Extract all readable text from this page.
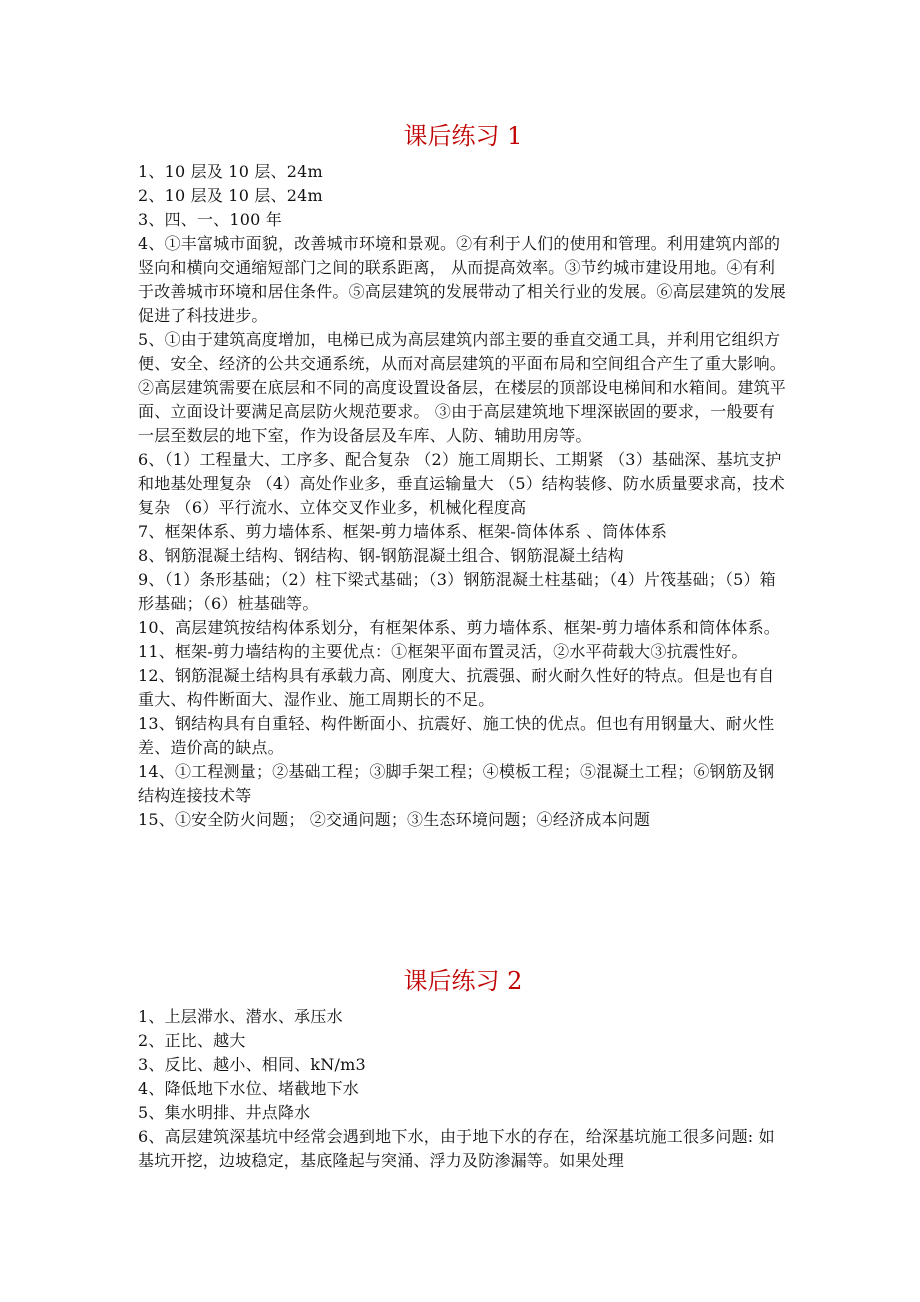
课后练习 1

1、10 层及 10 层、24m

2、10 层及 10 层、24m

3、四、一、100 年

4、①丰富城市面貌，改善城市环境和景观。②有利于人们的使用和管理。利用建筑内部的竖向和横向交通缩短部门之间的联系距离， 从而提高效率。③节约城市建设用地。④有利于改善城市环境和居住条件。⑤高层建筑的发展带动了相关行业的发展。⑥高层建筑的发展促进了科技进步。

5、①由于建筑高度增加，电梯已成为高层建筑内部主要的垂直交通工具，并利用它组织方便、安全、经济的公共交通系统，从而对高层建筑的平面布局和空间组合产生了重大影响。 ②高层建筑需要在底层和不同的高度设置设备层，在楼层的顶部设电梯间和水箱间。建筑平面、立面设计要满足高层防火规范要求。 ③由于高层建筑地下埋深嵌固的要求，一般要有一层至数层的地下室，作为设备层及车库、人防、辅助用房等。

6、（1）工程量大、工序多、配合复杂 （2）施工周期长、工期紧 （3）基础深、基坑支护和地基处理复杂 （4）高处作业多，垂直运输量大 （5）结构装修、防水质量要求高，技术复杂 （6）平行流水、立体交叉作业多，机械化程度高

7、框架体系、剪力墙体系、框架-剪力墙体系、框架-筒体体系 、筒体体系

8、钢筋混凝土结构、钢结构、钢-钢筋混凝土组合、钢筋混凝土结构

9、（1）条形基础；（2）柱下梁式基础；（3）钢筋混凝土柱基础；（4）片筏基础；（5）箱形基础；（6）桩基础等。

10、高层建筑按结构体系划分，有框架体系、剪力墙体系、框架-剪力墙体系和筒体体系。

11、框架-剪力墙结构的主要优点：①框架平面布置灵活，②水平荷载大③抗震性好。

12、钢筋混凝土结构具有承载力高、刚度大、抗震强、耐火耐久性好的特点。但是也有自重大、构件断面大、湿作业、施工周期长的不足。

13、钢结构具有自重轻、构件断面小、抗震好、施工快的优点。但也有用钢量大、耐火性差、造价高的缺点。

14、①工程测量；②基础工程；③脚手架工程；④模板工程；⑤混凝土工程；⑥钢筋及钢结构连接技术等

15、①安全防火问题； ②交通问题；③生态环境问题；④经济成本问题

课后练习 2

1、上层滞水、潜水、承压水

2、正比、越大

3、反比、越小、相同、kN/m3

4、降低地下水位、堵截地下水

5、集水明排、井点降水

6、高层建筑深基坑中经常会遇到地下水，由于地下水的存在，给深基坑施工很多问题: 如基坑开挖，边坡稳定，基底隆起与突涌、浮力及防渗漏等。如果处理
